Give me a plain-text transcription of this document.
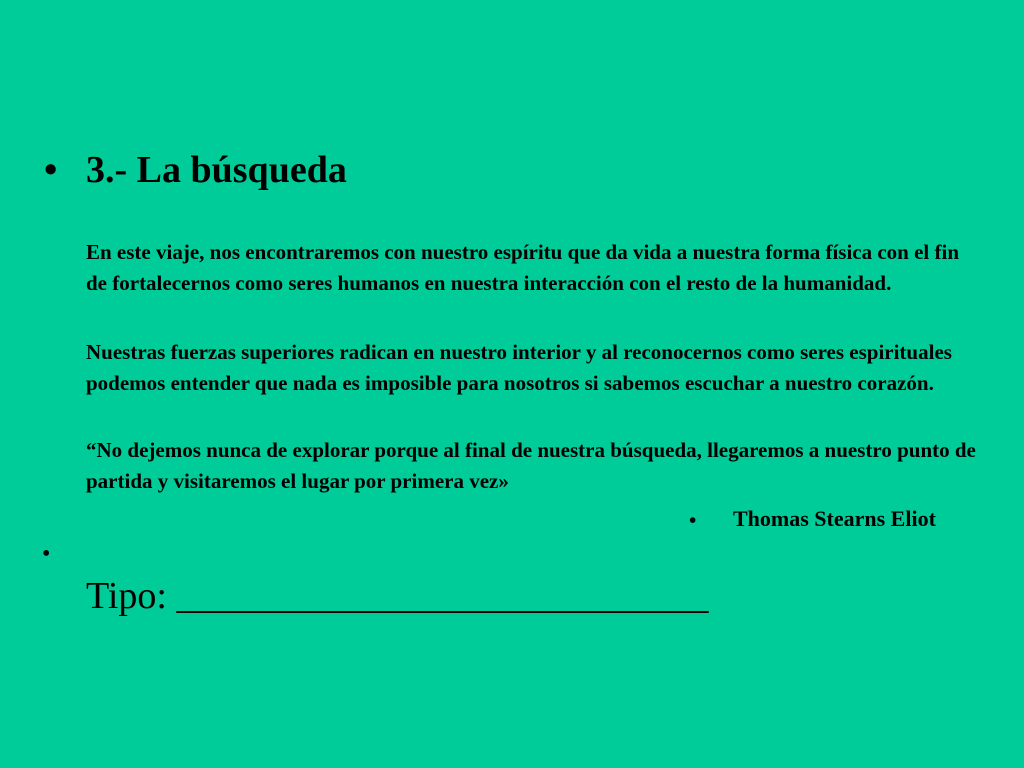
• 3.- La búsqueda

En este viaje, nos encontraremos con nuestro espíritu que da vida a nuestra forma física con el fin de fortalecernos como seres humanos en nuestra interacción con el resto de la humanidad.

Nuestras fuerzas superiores radican en nuestro interior y al reconocernos como seres espirituales podemos entender que nada es imposible para nosotros si sabemos escuchar a nuestro corazón.

“No dejemos nunca de explorar porque al final de nuestra búsqueda, llegaremos a nuestro punto de partida y visitaremos el lugar por primera vez»

• Thomas Stearns Eliot
•
Tipo: ____________________________
